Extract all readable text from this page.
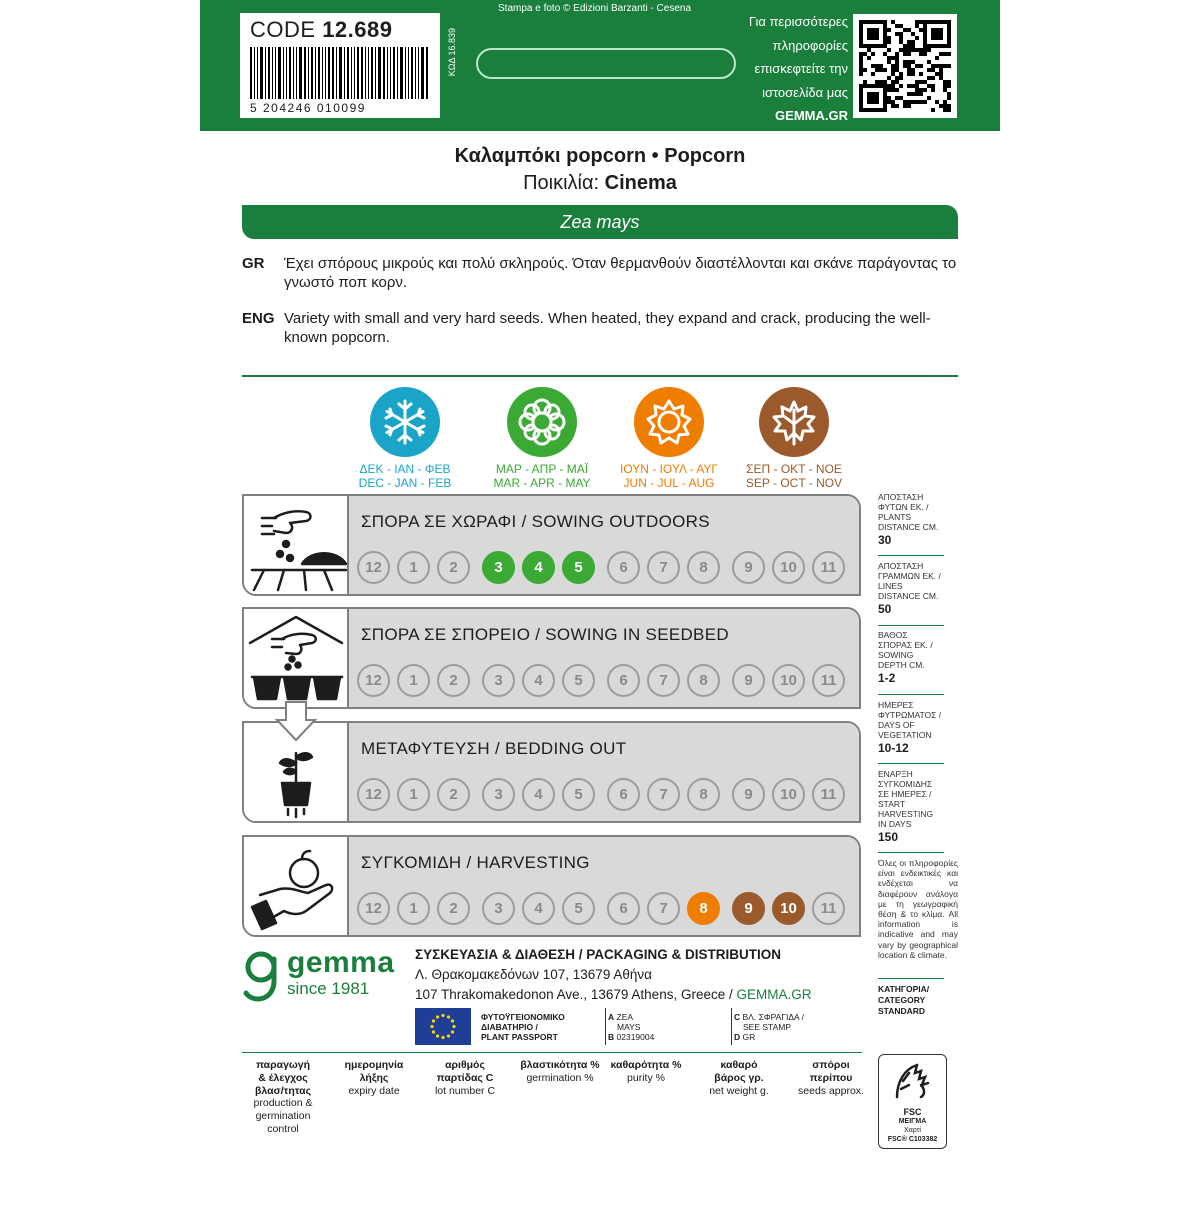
CODE 12.689
5 204246 010099
ΚΩΔ 16.839
Stampa e foto © Edizioni Barzanti - Cesena
Για περισσότερες
πληροφορίες
επισκεφτείτε την
ιστοσελίδα μας
GEMMA.GR
Καλαμπόκι popcorn • Popcorn
Ποικιλία: Cinema
Zea mays
GR	Έχει σπόρους μικρούς και πολύ σκληρούς. Όταν θερμανθούν διαστέλλονται και σκάνε παράγοντας το γνωστό ποπ κορν.
ENG Variety with small and very hard seeds. When heated, they expand and crack, producing the well-known popcorn.
ΔΕΚ - ΙΑΝ - ΦΕΒ
DEC - JAN - FEB
ΜΑΡ - ΑΠΡ - ΜΑΪ
MAR - APR - MAY
ΙΟΥΝ - ΙΟΥΛ - ΑΥΓ
JUN - JUL - AUG
ΣΕΠ - ΟΚΤ - ΝΟΕ
SEP - OCT - NOV
ΣΠΟΡΑ ΣΕ ΧΩΡΑΦΙ / SOWING OUTDOORS
12	1	2	3	4	5	6	7	8	9	10	11
ΣΠΟΡΑ ΣΕ ΣΠΟΡΕΙΟ / SOWING IN SEEDBED
12	1	2	3	4	5	6	7	8	9	10	11
ΜΕΤΑΦΥΤΕΥΣΗ / BEDDING OUT
12	1	2	3	4	5	6	7	8	9	10	11
ΣΥΓΚΟΜΙΔΗ / HARVESTING
12	1	2	3	4	5	6	7	8	9	10	11
ΑΠΟΣΤΑΣΗ
ΦΥΤΩΝ ΕΚ. /
PLANTS
DISTANCE CM.
30
ΑΠΟΣΤΑΣΗ
ΓΡΑΜΜΩΝ ΕΚ. /
LINES
DISTANCE CM.
50
ΒΑΘΟΣ
ΣΠΟΡΑΣ ΕΚ. /
SOWING
DEPTH CM.
1-2
ΗΜΕΡΕΣ
ΦΥΤΡΩΜΑΤΟΣ /
DAYS OF
VEGETATION
10-12
ΕΝΑΡΞΗ
ΣΥΓΚΟΜΙΔΗΣ
ΣΕ ΗΜΕΡΕΣ /
START
HARVESTING
IN DAYS
150
Όλες οι πληροφορίες είναι ενδεικτικές και ενδέχεται να διαφέρουν ανάλογα με τη γεωγραφική θέση & το κλίμα. All information is indicative and may vary by geographical location & climate.
ΚΑΤΗΓΟΡΙΑ/
CATEGORY
STANDARD
gemma
since 1981
ΣΥΣΚΕΥΑΣΙΑ & ΔΙΑΘΕΣΗ / PACKAGING & DISTRIBUTION
Λ. Θρακομακεδόνων 107, 13679 Αθήνα
107 Thrakomakedonon Ave., 13679 Athens, Greece / GEMMA.GR
ΦΥΤΟΫΓΕΙΟΝΟΜΙΚΟ
ΔΙΑΒΑΤΗΡΙΟ /
PLANT PASSPORT
A ZEA
MAYS
B 02319004
C ΒΛ. ΣΦΡΑΓΙΔΑ /
SEE STAMP
D GR
παραγωγή
& έλεγχος
βλασ/τητας
production &
germination
control
ημερομηνία
λήξης
expiry date
αριθμός
παρτίδας C
lot number C
βλαστικότητα %
germination %
καθαρότητα %
purity %
καθαρό
βάρος γρ.
net weight g.
σπόροι
περίπου
seeds approx.
FSC
ΜΕΙΓΜΑ
Χαρτί
FSC® C103382
